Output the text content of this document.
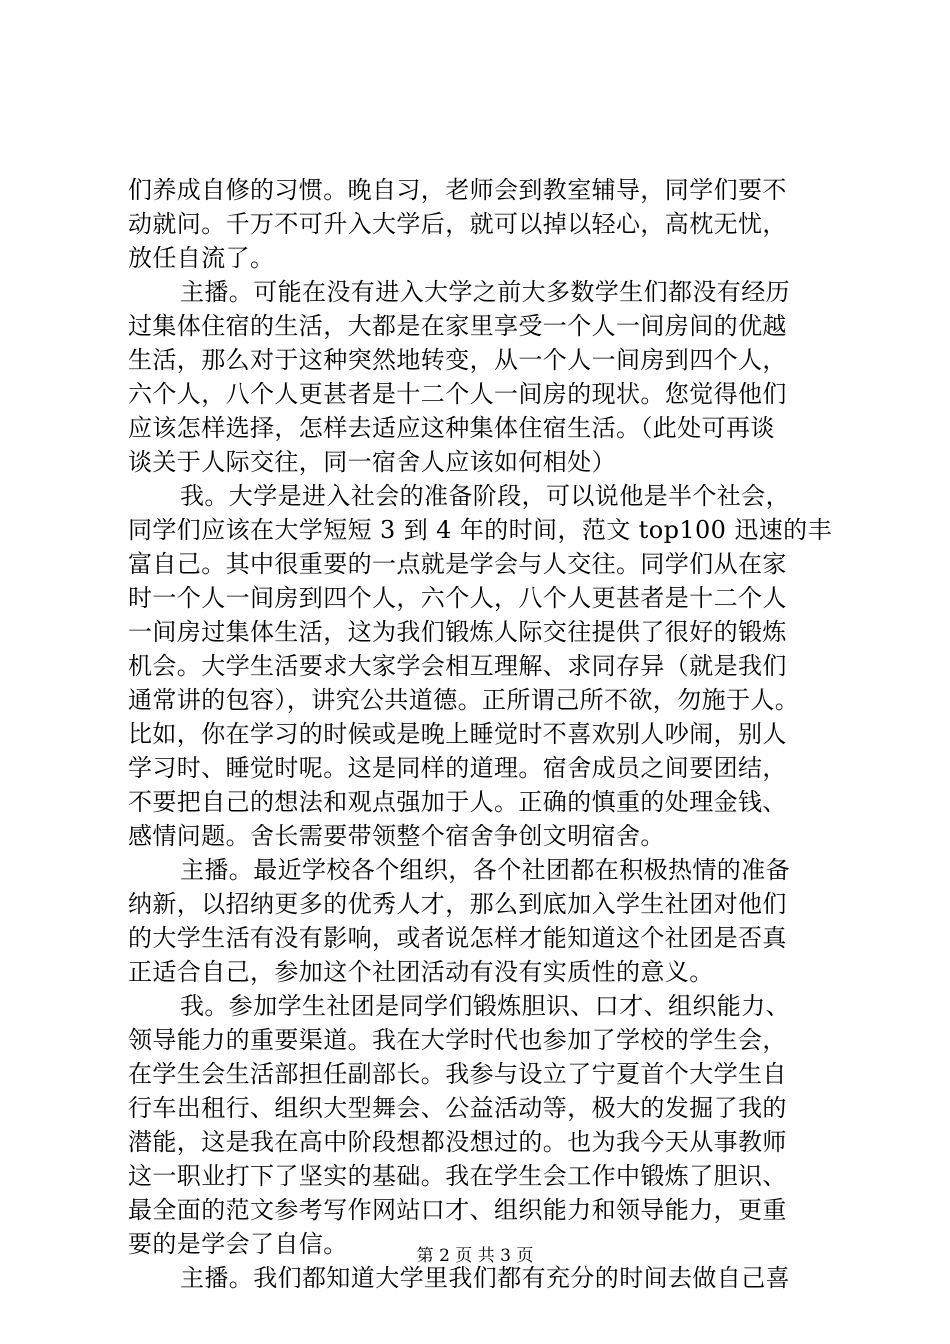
们养成自修的习惯。晚自习，老师会到教室辅导，同学们要不
动就问。千万不可升入大学后，就可以掉以轻心，高枕无忧，
放任自流了。
主播。可能在没有进入大学之前大多数学生们都没有经历
过集体住宿的生活，大都是在家里享受一个人一间房间的优越
生活，那么对于这种突然地转变，从一个人一间房到四个人，
六个人，八个人更甚者是十二个人一间房的现状。您觉得他们
应该怎样选择，怎样去适应这种集体住宿生活。（此处可再谈
谈关于人际交往，同一宿舍人应该如何相处）
我。大学是进入社会的准备阶段，可以说他是半个社会，
同学们应该在大学短短 3 到 4 年的时间，范文 top100 迅速的丰
富自己。其中很重要的一点就是学会与人交往。同学们从在家
时一个人一间房到四个人，六个人，八个人更甚者是十二个人
一间房过集体生活，这为我们锻炼人际交往提供了很好的锻炼
机会。大学生活要求大家学会相互理解、求同存异（就是我们
通常讲的包容），讲究公共道德。正所谓己所不欲，勿施于人。
比如，你在学习的时候或是晚上睡觉时不喜欢别人吵闹，别人
学习时、睡觉时呢。这是同样的道理。宿舍成员之间要团结，
不要把自己的想法和观点强加于人。正确的慎重的处理金钱、
感情问题。舍长需要带领整个宿舍争创文明宿舍。
主播。最近学校各个组织，各个社团都在积极热情的准备
纳新，以招纳更多的优秀人才，那么到底加入学生社团对他们
的大学生活有没有影响，或者说怎样才能知道这个社团是否真
正适合自己，参加这个社团活动有没有实质性的意义。
我。参加学生社团是同学们锻炼胆识、口才、组织能力、
领导能力的重要渠道。我在大学时代也参加了学校的学生会，
在学生会生活部担任副部长。我参与设立了宁夏首个大学生自
行车出租行、组织大型舞会、公益活动等，极大的发掘了我的
潜能，这是我在高中阶段想都没想过的。也为我今天从事教师
这一职业打下了坚实的基础。我在学生会工作中锻炼了胆识、
最全面的范文参考写作网站口才、组织能力和领导能力，更重
要的是学会了自信。
主播。我们都知道大学里我们都有充分的时间去做自己喜
第 2 页 共 3 页
